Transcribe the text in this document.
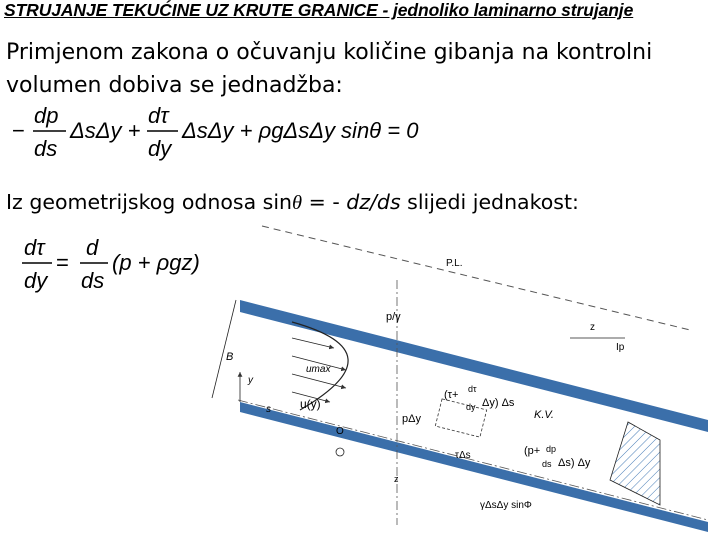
STRUJANJE TEKUĆINE UZ KRUTE GRANICE - jednoliko laminarno strujanje
Primjenom zakona o očuvanju količine gibanja na kontrolni
volumen dobiva se jednadžba:
−
dp
ds
ΔsΔy +
dτ
dy
ΔsΔy + ρgΔsΔy sinθ = 0
Iz geometrijskog odnosa sinθ = - dz/ds slijedi jednakost:
dτ
dy
=
d
ds
(p + ρgz)
B
y
s
p/γ
z
z
Ip
P.L.
umax
u(y)
(τ+ dτ
dy Δy) Δs
K.V.
pΔy
τΔs	(p+ dp
ds Δs) Δy
γΔsΔy sinΦ
O
